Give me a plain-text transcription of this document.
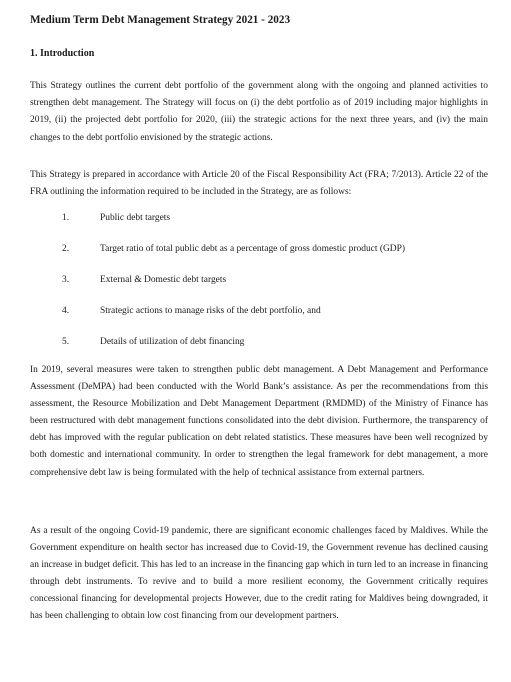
Medium Term Debt Management Strategy 2021 - 2023
1. Introduction

This Strategy outlines the current debt portfolio of the government along with the ongoing and planned activities to strengthen debt management. The Strategy will focus on (i) the debt portfolio as of 2019 including major highlights in 2019, (ii) the projected debt portfolio for 2020, (iii) the strategic actions for the next three years, and (iv) the main changes to the debt portfolio envisioned by the strategic actions.

This Strategy is prepared in accordance with Article 20 of the Fiscal Responsibility Act (FRA; 7/2013). Article 22 of the FRA outlining the information required to be included in the Strategy, are as follows:

1.	Public debt targets
2.	Target ratio of total public debt as a percentage of gross domestic product (GDP)
3.	External & Domestic debt targets
4.	Strategic actions to manage risks of the debt portfolio, and
5.	Details of utilization of debt financing

In 2019, several measures were taken to strengthen public debt management. A Debt Management and Performance Assessment (DeMPA) had been conducted with the World Bank’s assistance. As per the recommendations from this assessment, the Resource Mobilization and Debt Management Department (RMDMD) of the Ministry of Finance has been restructured with debt management functions consolidated into the debt division. Furthermore, the transparency of debt has improved with the regular publication on debt related statistics. These measures have been well recognized by both domestic and international community. In order to strengthen the legal framework for debt management, a more comprehensive debt law is being formulated with the help of technical assistance from external partners.

As a result of the ongoing Covid-19 pandemic, there are significant economic challenges faced by Maldives. While the Government expenditure on health sector has increased due to Covid-19, the Government revenue has declined causing an increase in budget deficit. This has led to an increase in the financing gap which in turn led to an increase in financing through debt instruments. To revive and to build a more resilient economy, the Government critically requires concessional financing for developmental projects However, due to the credit rating for Maldives being downgraded, it has been challenging to obtain low cost financing from our development partners.
